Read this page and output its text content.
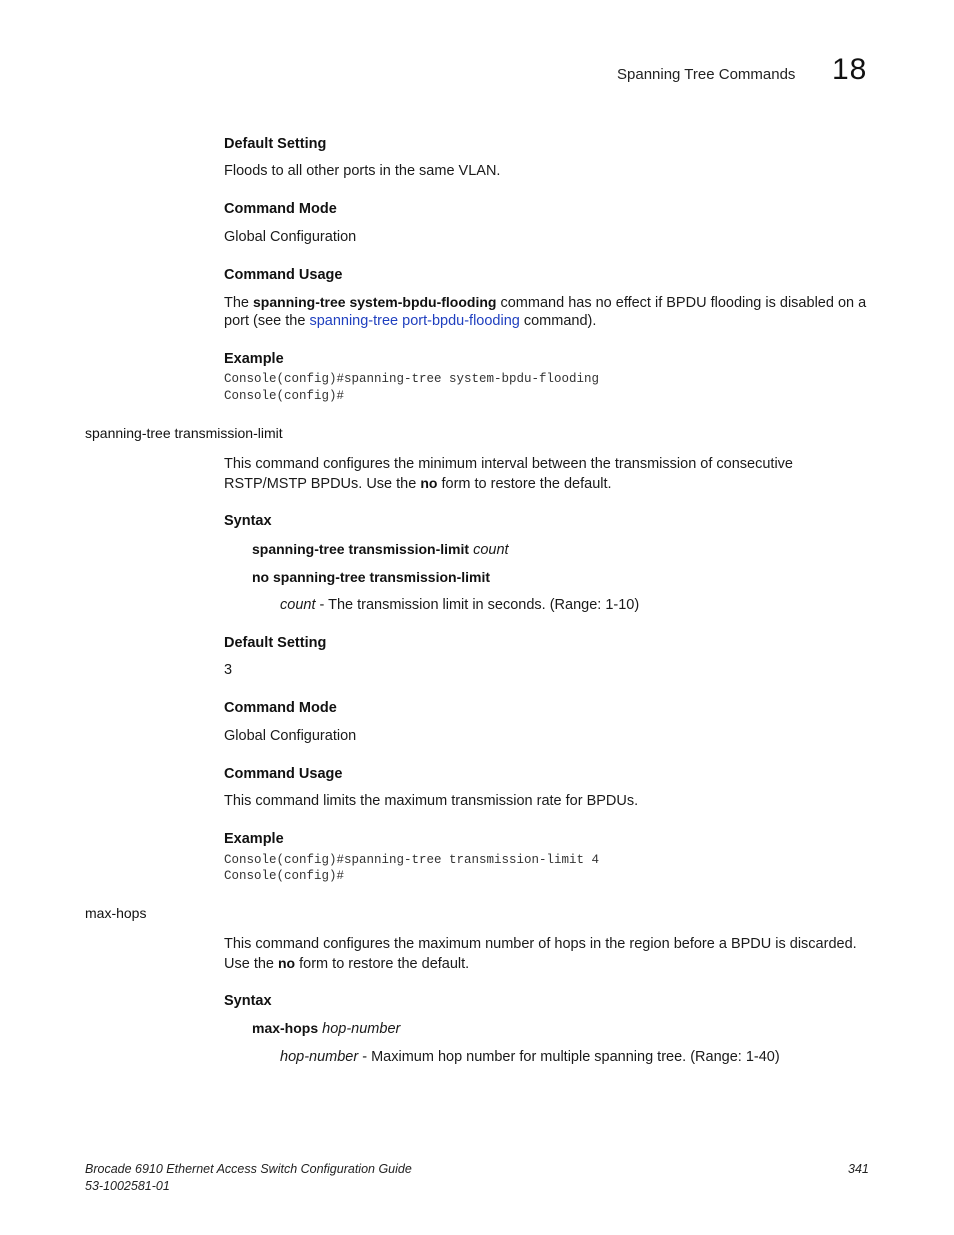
Spanning Tree Commands 18
Default Setting
Floods to all other ports in the same VLAN.
Command Mode
Global Configuration
Command Usage
The spanning-tree system-bpdu-flooding command has no effect if BPDU flooding is disabled on a
port (see the spanning-tree port-bpdu-flooding command).
Example
Console(config)#spanning-tree system-bpdu-flooding
Console(config)#
spanning-tree transmission-limit
This command configures the minimum interval between the transmission of consecutive
RSTP/MSTP BPDUs. Use the no form to restore the default.
Syntax
spanning-tree transmission-limit count
no spanning-tree transmission-limit
count - The transmission limit in seconds. (Range: 1-10)
Default Setting
3
Command Mode
Global Configuration
Command Usage
This command limits the maximum transmission rate for BPDUs.
Example
Console(config)#spanning-tree transmission-limit 4
Console(config)#
max-hops
This command configures the maximum number of hops in the region before a BPDU is discarded.
Use the no form to restore the default.
Syntax
max-hops hop-number
hop-number - Maximum hop number for multiple spanning tree. (Range: 1-40)
Brocade 6910 Ethernet Access Switch Configuration Guide
53-1002581-01
341
